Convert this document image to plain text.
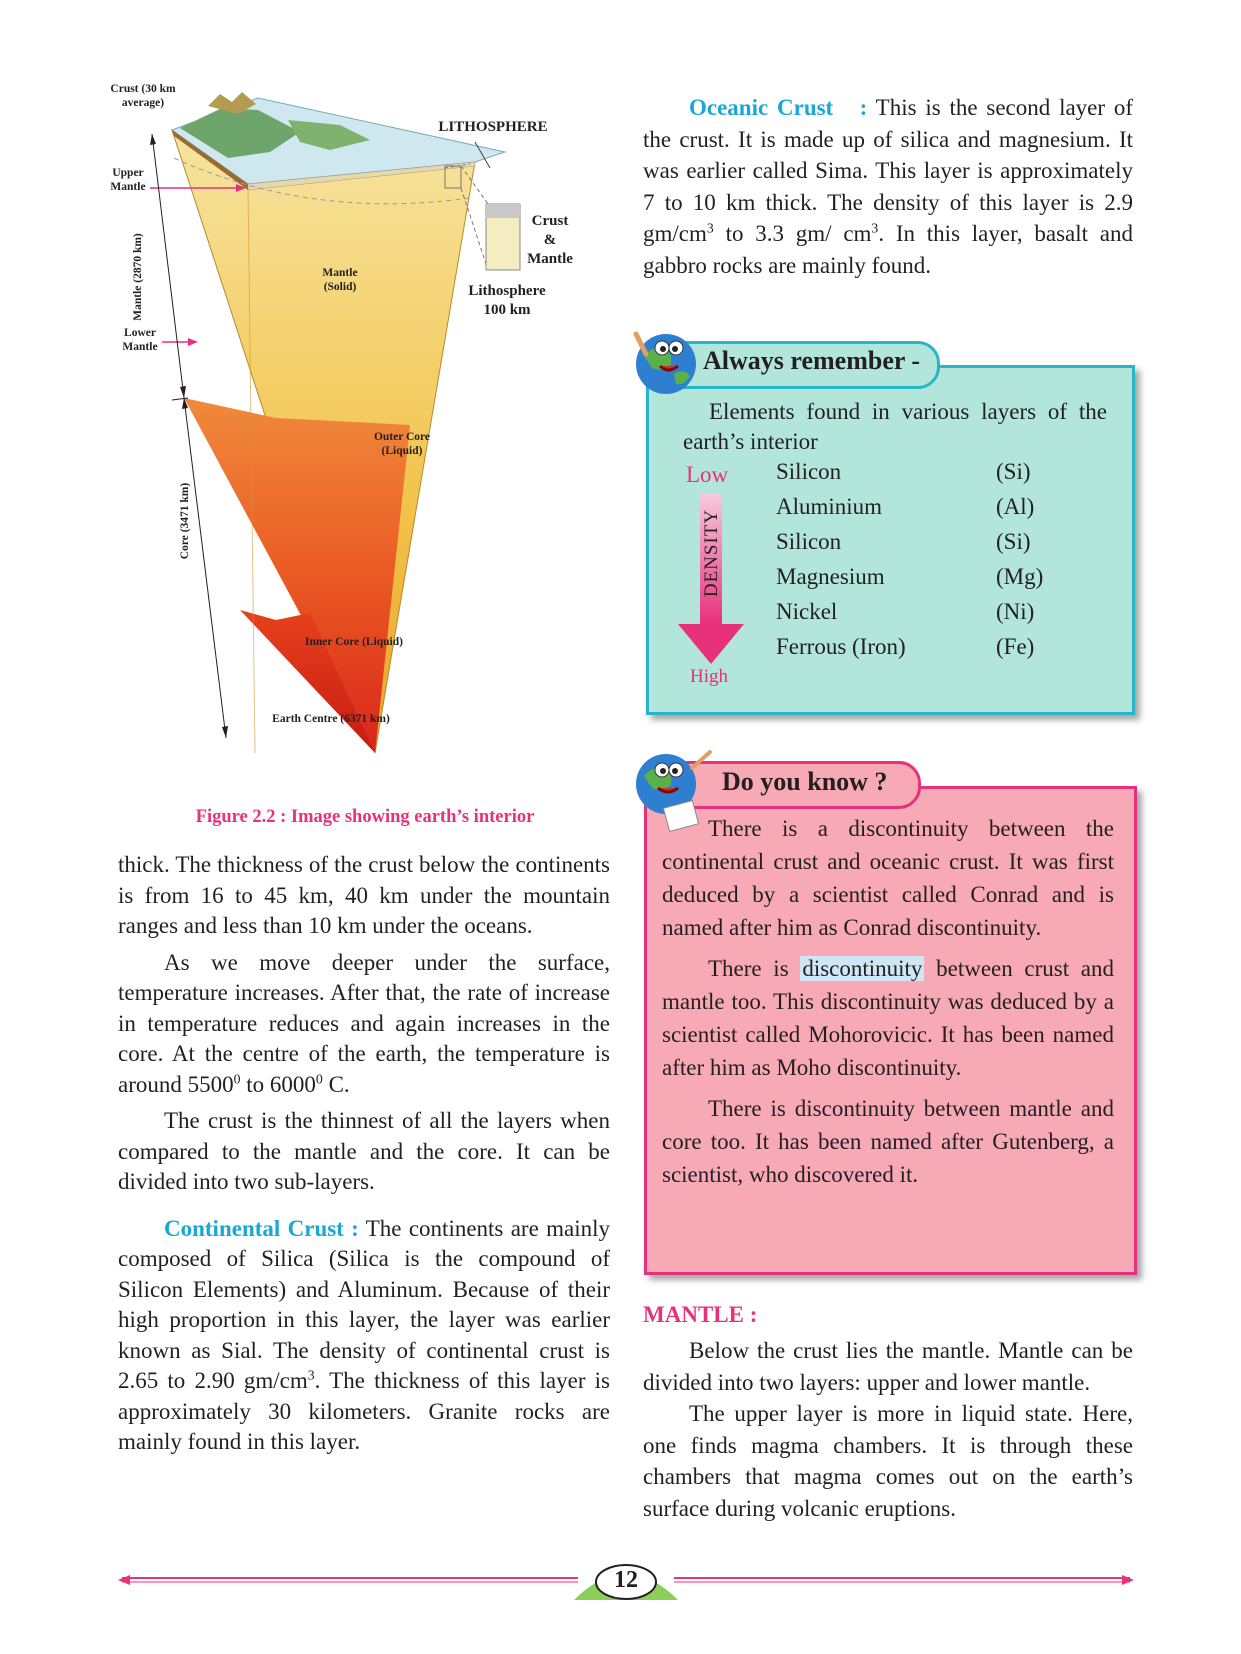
Crust (30 km average)
LITHOSPHERE
Upper Mantle
Crust
&
Mantle
Mantle (Solid)	Lithosphere
100 km
Mantle (2870 km)
Lower Mantle
Outer Core (Liquid)
Core (3471 km)
Inner Core (Liquid)
Earth Centre (6371 km)
Figure 2.2 : Image showing earth’s interior

thick. The thickness of the crust below the continents is from 16 to 45 km, 40 km under the mountain ranges and less than 10 km under the oceans.

As we move deeper under the surface, temperature increases. After that, the rate of increase in temperature reduces and again increases in the core. At the centre of the earth, the temperature is around 5500$^0$ to 6000$^0$ C.

The crust is the thinnest of all the layers when compared to the mantle and the core. It can be divided into two sub-layers.

Continental Crust : The continents are mainly composed of Silica (Silica is the compound of Silicon Elements) and Aluminum. Because of their high proportion in this layer, the layer was earlier known as Sial. The density of continental crust is 2.65 to 2.90 $gm/cm^3$. The thickness of this layer is approximately 30 kilometers. Granite rocks are mainly found in this layer.

Oceanic Crust   : This is the second layer of the crust. It is made up of silica and magnesium. It was earlier called Sima. This layer is approximately 7 to 10 km thick. The density of this layer is 2.9 $gm/cm^3$ to 3.3 gm/ $cm^3$. In this layer, basalt and gabbro rocks are mainly found.

Always remember -
Elements found in various layers of the earth’s interior
Low
DENSITY
High
Silicon	(Si)
Aluminium	(Al)
Silicon	(Si)
Magnesium	(Mg)
Nickel	(Ni)
Ferrous (Iron)	(Fe)
Do you know ?

There is a discontinuity between the continental crust and oceanic crust. It was first deduced by a scientist called Conrad and is named after him as Conrad discontinuity.

There is discontinuity between crust and mantle too. This discontinuity was deduced by a scientist called Mohorovicic. It has been named after him as Moho discontinuity.

There is discontinuity between mantle and core too. It has been named after Gutenberg, a scientist, who discovered it.

MANTLE :

Below the crust lies the mantle. Mantle can be divided into two layers: upper and lower mantle.

The upper layer is more in liquid state. Here, one finds magma chambers. It is through these chambers that magma comes out on the earth’s surface during volcanic eruptions.

12
